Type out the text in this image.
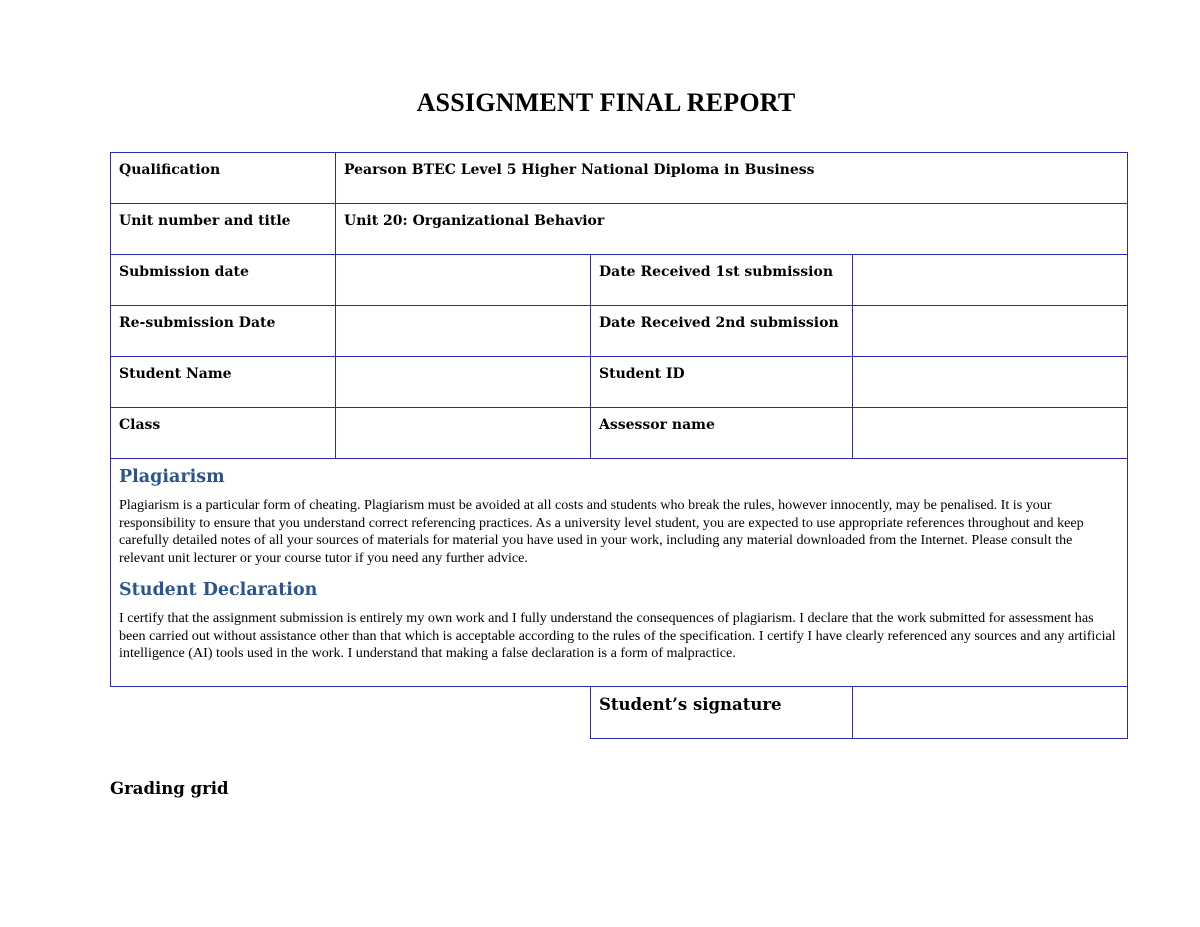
ASSIGNMENT FINAL REPORT
Qualification	Pearson BTEC Level 5 Higher National Diploma in Business		
Unit number and title	Unit 20: Organizational Behavior		
Submission date		Date Received 1st submission	
Re-submission Date		Date Received 2nd submission	
Student Name		Student ID	
Class		Assessor name	

Plagiarism

Plagiarism is a particular form of cheating. Plagiarism must be avoided at all costs and students who break the rules, however innocently, may be penalised. It is your responsibility to ensure that you understand correct referencing practices. As a university level student, you are expected to use appropriate references throughout and keep carefully detailed notes of all your sources of materials for material you have used in your work, including any material downloaded from the Internet. Please consult the relevant unit lecturer or your course tutor if you need any further advice.

Student Declaration

I certify that the assignment submission is entirely my own work and I fully understand the consequences of plagiarism. I declare that the work submitted for assessment has been carried out without assistance other than that which is acceptable according to the rules of the specification. I certify I have clearly referenced any sources and any artificial intelligence (AI) tools used in the work. I understand that making a false declaration is a form of malpractice.			

Student’s signature	
Grading grid
